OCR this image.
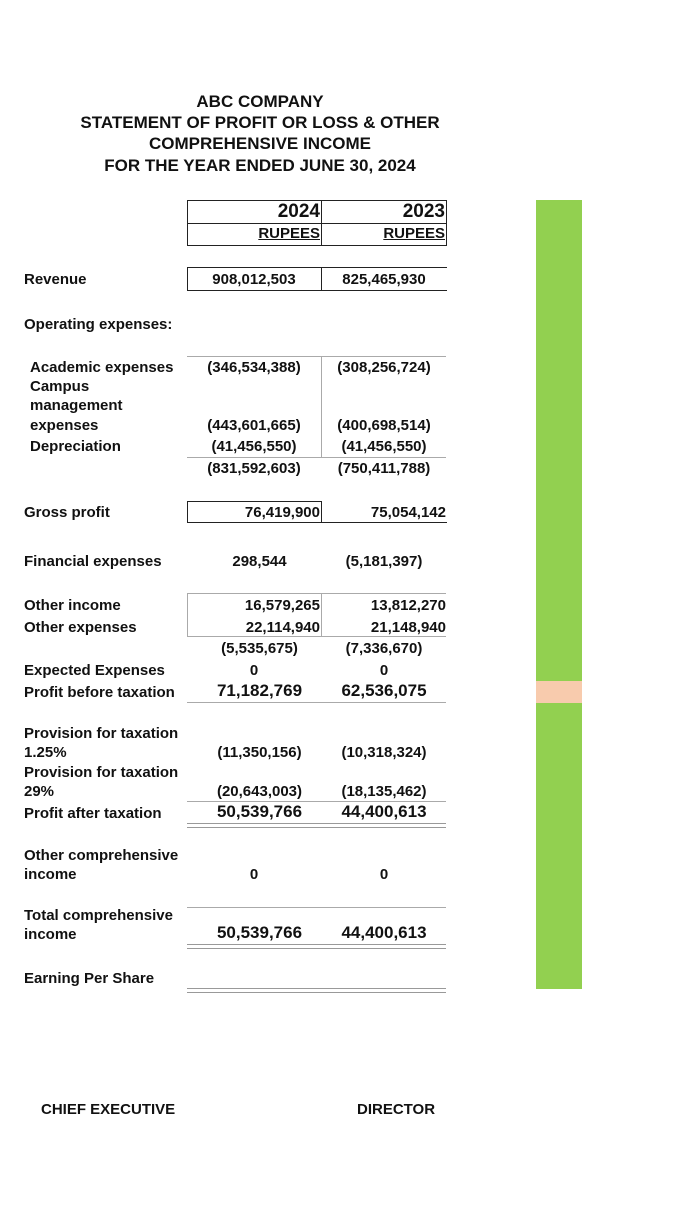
ABC COMPANY
STATEMENT OF PROFIT OR LOSS & OTHER
COMPREHENSIVE INCOME
FOR THE YEAR ENDED JUNE 30, 2024
2024	2023
RUPEES	RUPEES
Revenue	908,012,503	825,465,930
Operating expenses:
Academic expenses	(346,534,388)	(308,256,724)
Campus
management
expenses	(443,601,665)	(400,698,514)
Depreciation	(41,456,550)	(41,456,550)
(831,592,603)	(750,411,788)
Gross profit	76,419,900	75,054,142
Financial expenses	298,544	(5,181,397)
Other income	16,579,265	13,812,270
Other expenses	22,114,940	21,148,940
(5,535,675)	(7,336,670)
Expected Expenses	0	0
Profit before taxation	71,182,769	62,536,075
Provision for taxation
1.25%	(11,350,156)	(10,318,324)
Provision for taxation
29%	(20,643,003)	(18,135,462)
Profit after taxation	50,539,766	44,400,613
Other comprehensive
income	0	0
Total comprehensive
income	50,539,766	44,400,613
Earning Per Share
CHIEF EXECUTIVE	DIRECTOR
